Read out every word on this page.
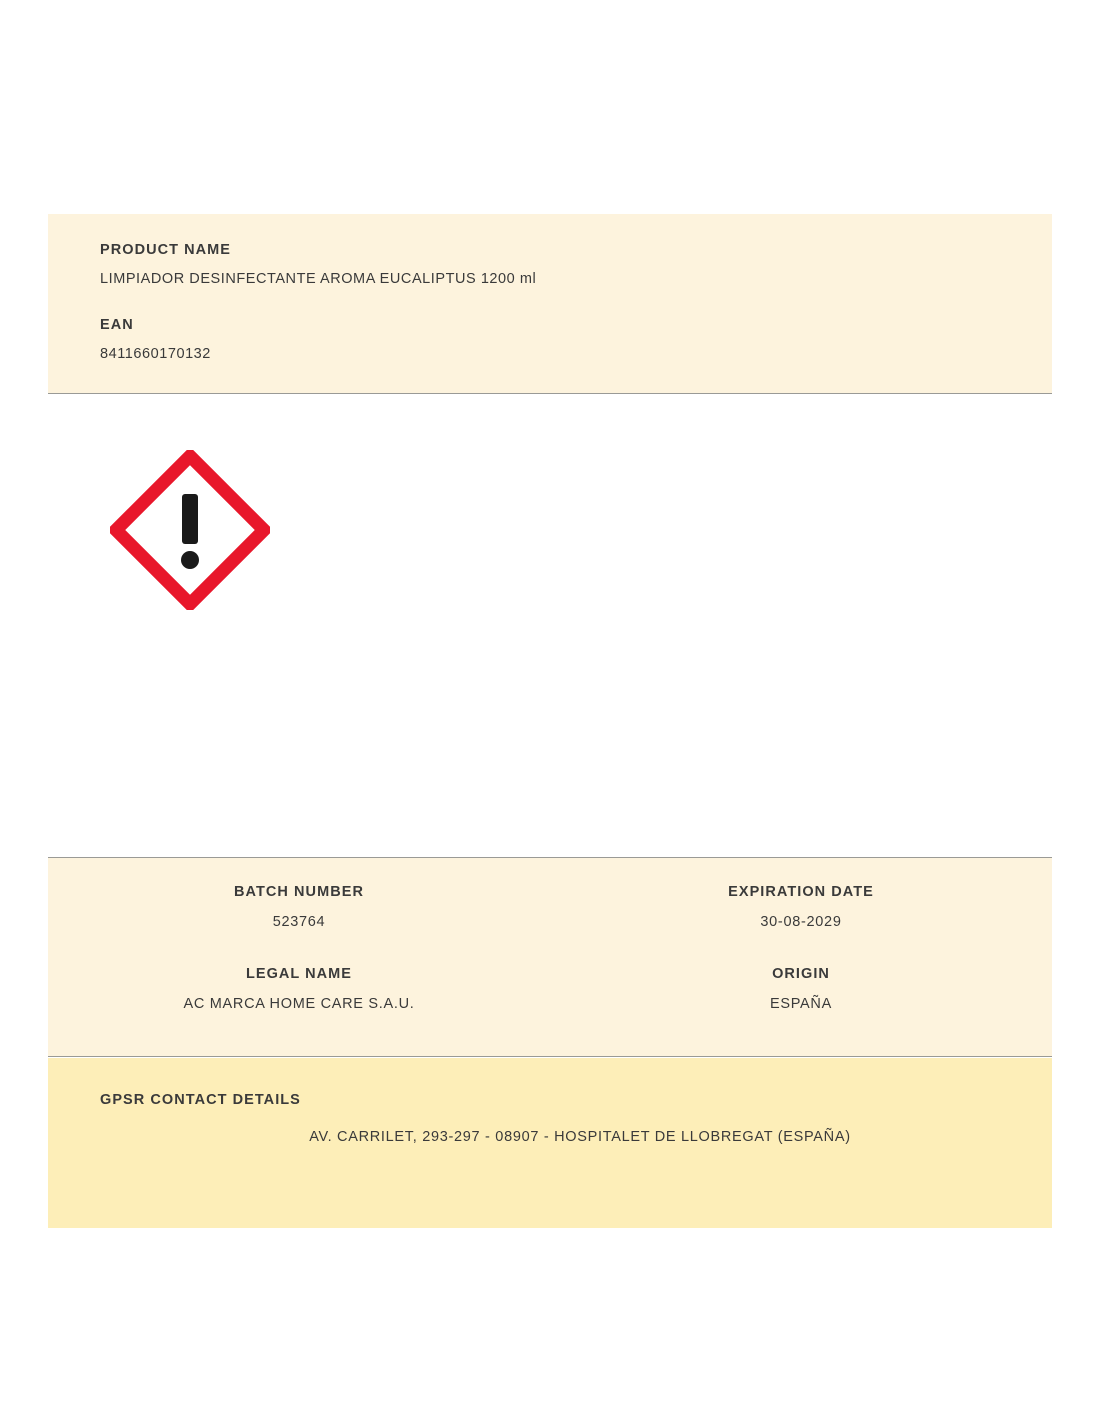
PRODUCT NAME

LIMPIADOR DESINFECTANTE AROMA EUCALIPTUS 1200 ml

EAN

8411660170132

BATCH NUMBER

523764

EXPIRATION DATE

30-08-2029

LEGAL NAME

AC MARCA HOME CARE S.A.U.

ORIGIN

ESPAÑA

GPSR CONTACT DETAILS

AV. CARRILET, 293-297 - 08907 - HOSPITALET DE LLOBREGAT (ESPAÑA)
